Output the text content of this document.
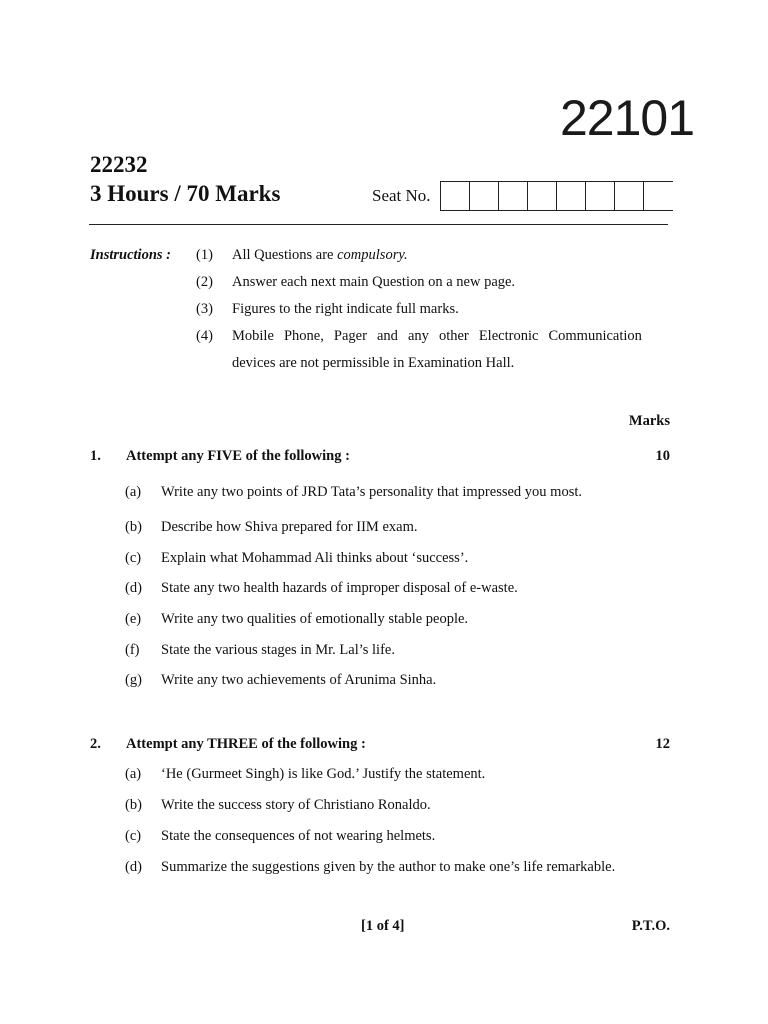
22101
22232
3 Hours / 70 Marks	Seat No.
Instructions : (1) All Questions are compulsory.
(2) Answer each next main Question on a new page.
(3) Figures to the right indicate full marks.
(4) Mobile Phone, Pager and any other Electronic Communication
devices are not permissible in Examination Hall.
Marks
1. Attempt any FIVE of the following :	10
(a) Write any two points of JRD Tata’s personality that impressed you most.
(b) Describe how Shiva prepared for IIM exam.
(c) Explain what Mohammad Ali thinks about ‘success’.
(d) State any two health hazards of improper disposal of e-waste.
(e) Write any two qualities of emotionally stable people.
(f) State the various stages in Mr. Lal’s life.
(g) Write any two achievements of Arunima Sinha.
2. Attempt any THREE of the following :	12
(a) ‘He (Gurmeet Singh) is like God.’ Justify the statement.
(b) Write the success story of Christiano Ronaldo.
(c) State the consequences of not wearing helmets.
(d) Summarize the suggestions given by the author to make one’s life remarkable.
[1 of 4]	P.T.O.
